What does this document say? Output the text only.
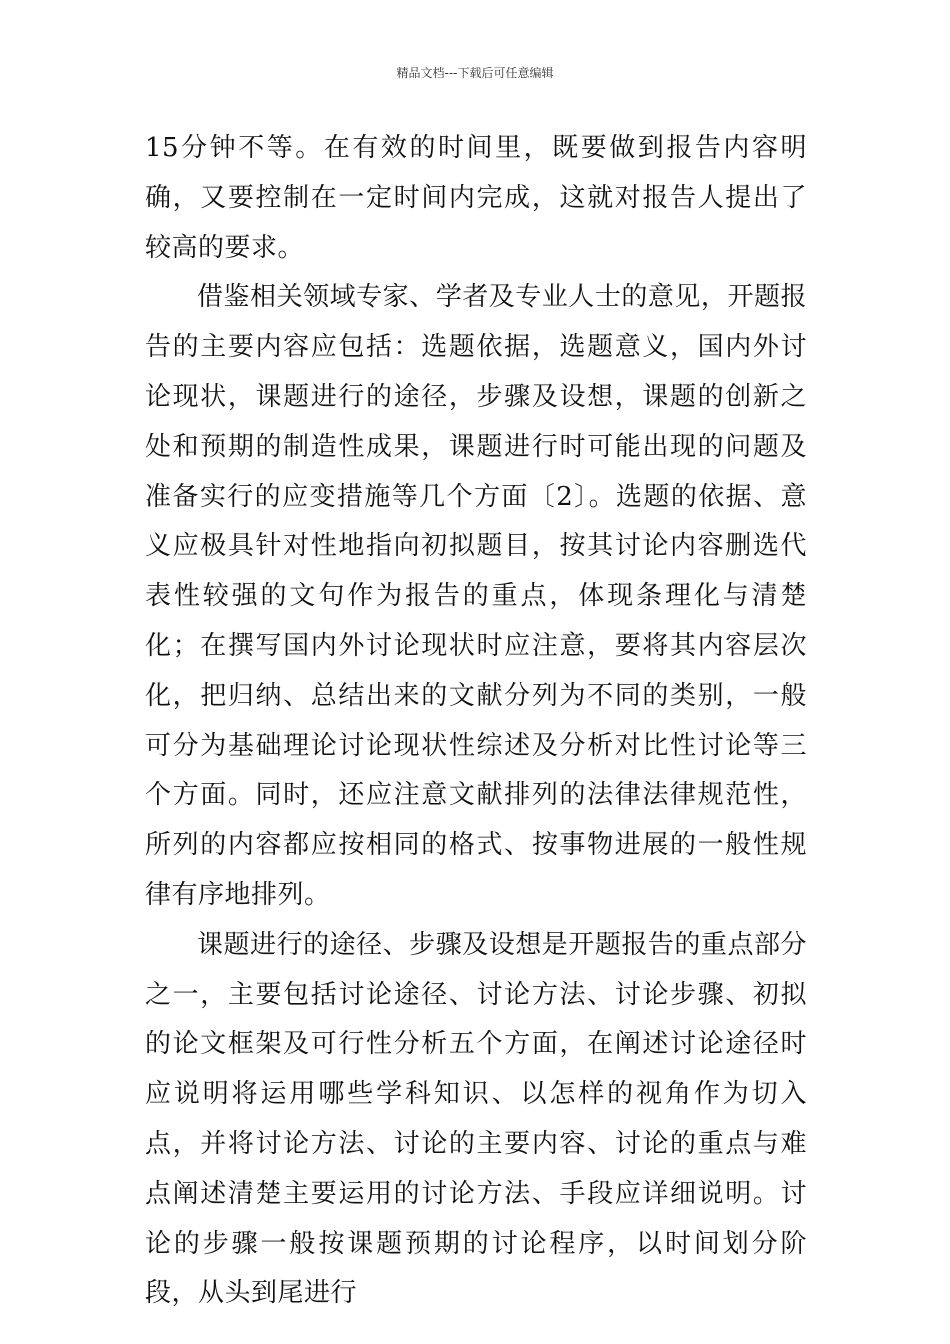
精品文档---下载后可任意编辑

15分钟不等。在有效的时间里，既要做到报告内容明确，又要控制在一定时间内完成，这就对报告人提出了较高的要求。

借鉴相关领域专家、学者及专业人士的意见，开题报告的主要内容应包括：选题依据，选题意义，国内外讨论现状，课题进行的途径，步骤及设想，课题的创新之处和预期的制造性成果，课题进行时可能出现的问题及准备实行的应变措施等几个方面〔2〕。选题的依据、意义应极具针对性地指向初拟题目，按其讨论内容删选代表性较强的文句作为报告的重点，体现条理化与清楚化；在撰写国内外讨论现状时应注意，要将其内容层次化，把归纳、总结出来的文献分列为不同的类别，一般可分为基础理论讨论现状性综述及分析对比性讨论等三个方面。同时，还应注意文献排列的法律法律规范性，所列的内容都应按相同的格式、按事物进展的一般性规律有序地排列。

课题进行的途径、步骤及设想是开题报告的重点部分之一，主要包括讨论途径、讨论方法、讨论步骤、初拟的论文框架及可行性分析五个方面，在阐述讨论途径时应说明将运用哪些学科知识、以怎样的视角作为切入点，并将讨论方法、讨论的主要内容、讨论的重点与难点阐述清楚主要运用的讨论方法、手段应详细说明。讨论的步骤一般按课题预期的讨论程序，以时间划分阶段，从头到尾进行
